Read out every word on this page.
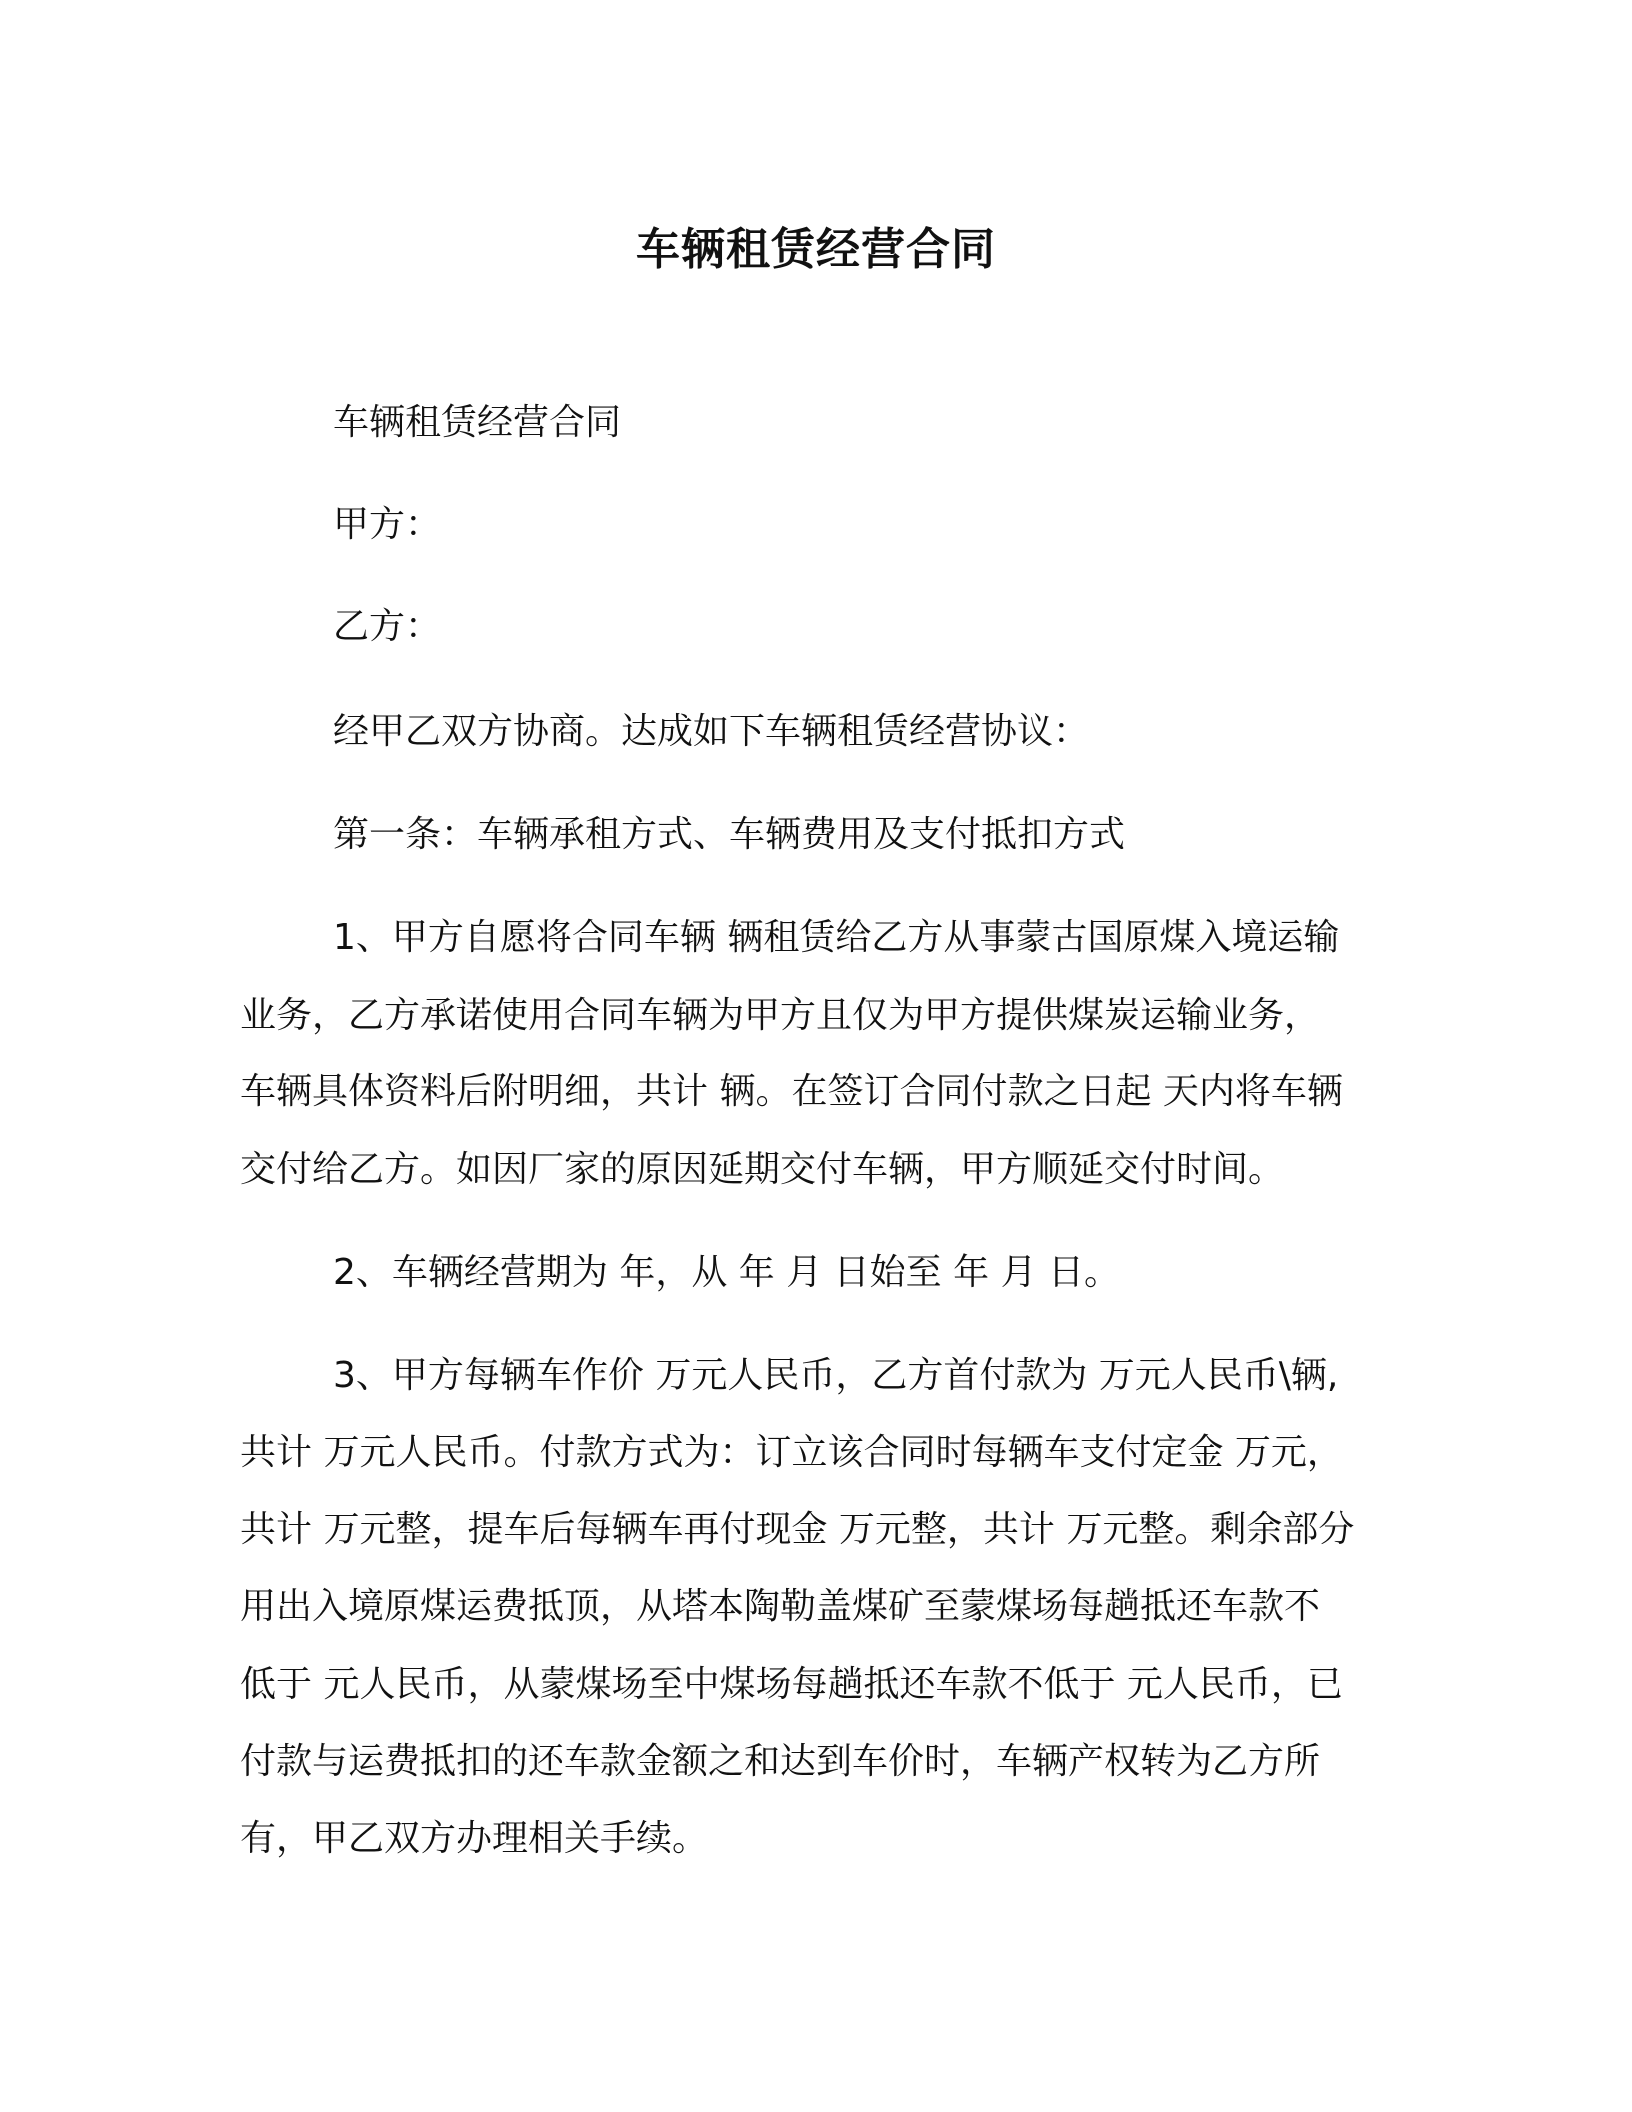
车辆租赁经营合同
车辆租赁经营合同
甲方：
乙方：
经甲乙双方协商。达成如下车辆租赁经营协议：
第一条：车辆承租方式、车辆费用及支付抵扣方式
1、甲方自愿将合同车辆 辆租赁给乙方从事蒙古国原煤入境运输
业务，乙方承诺使用合同车辆为甲方且仅为甲方提供煤炭运输业务，
车辆具体资料后附明细，共计 辆。在签订合同付款之日起 天内将车辆
交付给乙方。如因厂家的原因延期交付车辆，甲方顺延交付时间。
2、车辆经营期为 年，从 年 月 日始至 年 月 日。
3、甲方每辆车作价 万元人民币，乙方首付款为 万元人民币\辆,
共计 万元人民币。付款方式为：订立该合同时每辆车支付定金 万元，
共计 万元整，提车后每辆车再付现金 万元整，共计 万元整。剩余部分
用出入境原煤运费抵顶，从塔本陶勒盖煤矿至蒙煤场每趟抵还车款不
低于 元人民币，从蒙煤场至中煤场每趟抵还车款不低于 元人民币，已
付款与运费抵扣的还车款金额之和达到车价时，车辆产权转为乙方所
有，甲乙双方办理相关手续。
